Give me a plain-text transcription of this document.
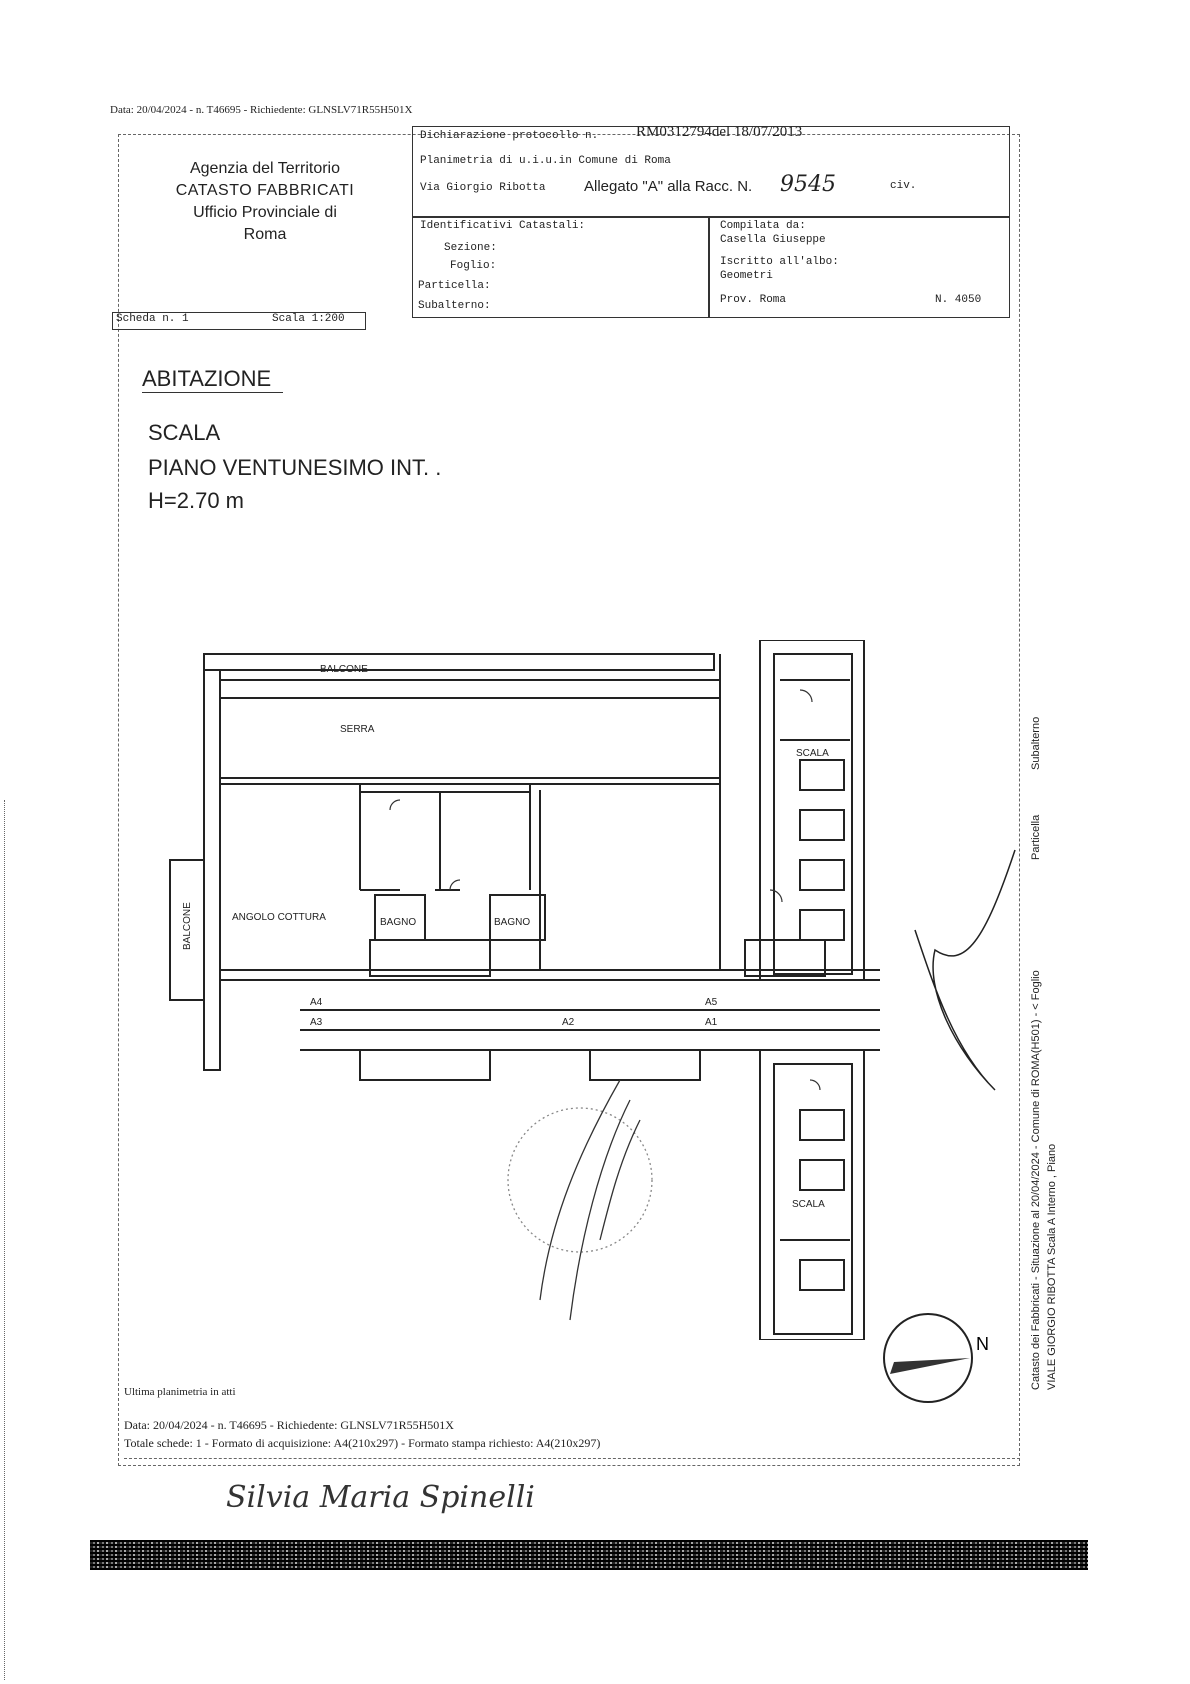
Data: 20/04/2024 - n. T46695 - Richiedente: GLNSLV71R55H501X
Agenzia del Territorio
CATASTO FABBRICATI
Ufficio Provinciale di
Roma
Dichiarazione protocollo n.	RM0312794del 18/07/2013
Planimetria di u.i.u.in Comune di Roma
Via Giorgio Ribotta	Allegato "A" alla Racc. N. 9545	civ.
Identificativi Catastali:
Sezione:
Foglio:
Particella:
Subalterno:
Compilata da:
Casella Giuseppe
Iscritto all'albo:
Geometri
Prov. Roma	N. 4050
Scheda n. 1	Scala 1:200
ABITAZIONE
SCALA
PIANO VENTUNESIMO INT. .
H=2.70 m
BALCONE
SERRA
SCALA
BALCONE	ANGOLO COTTURA	BAGNO	BAGNO
SCALA
A4
A3	A2	A1
A5
N	Catasto dei Fabbricati - Situazione al 20/04/2024 - Comune di ROMA(H501) - < Foglio VIALE GIORGIO RIBOTTA Scala A Interno , Piano
Particella
Subalterno
Ultima planimetria in atti
Data: 20/04/2024 - n. T46695 - Richiedente: GLNSLV71R55H501X
Totale schede: 1 - Formato di acquisizione: A4(210x297) - Formato stampa richiesto: A4(210x297)
Silvia Maria Spinelli
